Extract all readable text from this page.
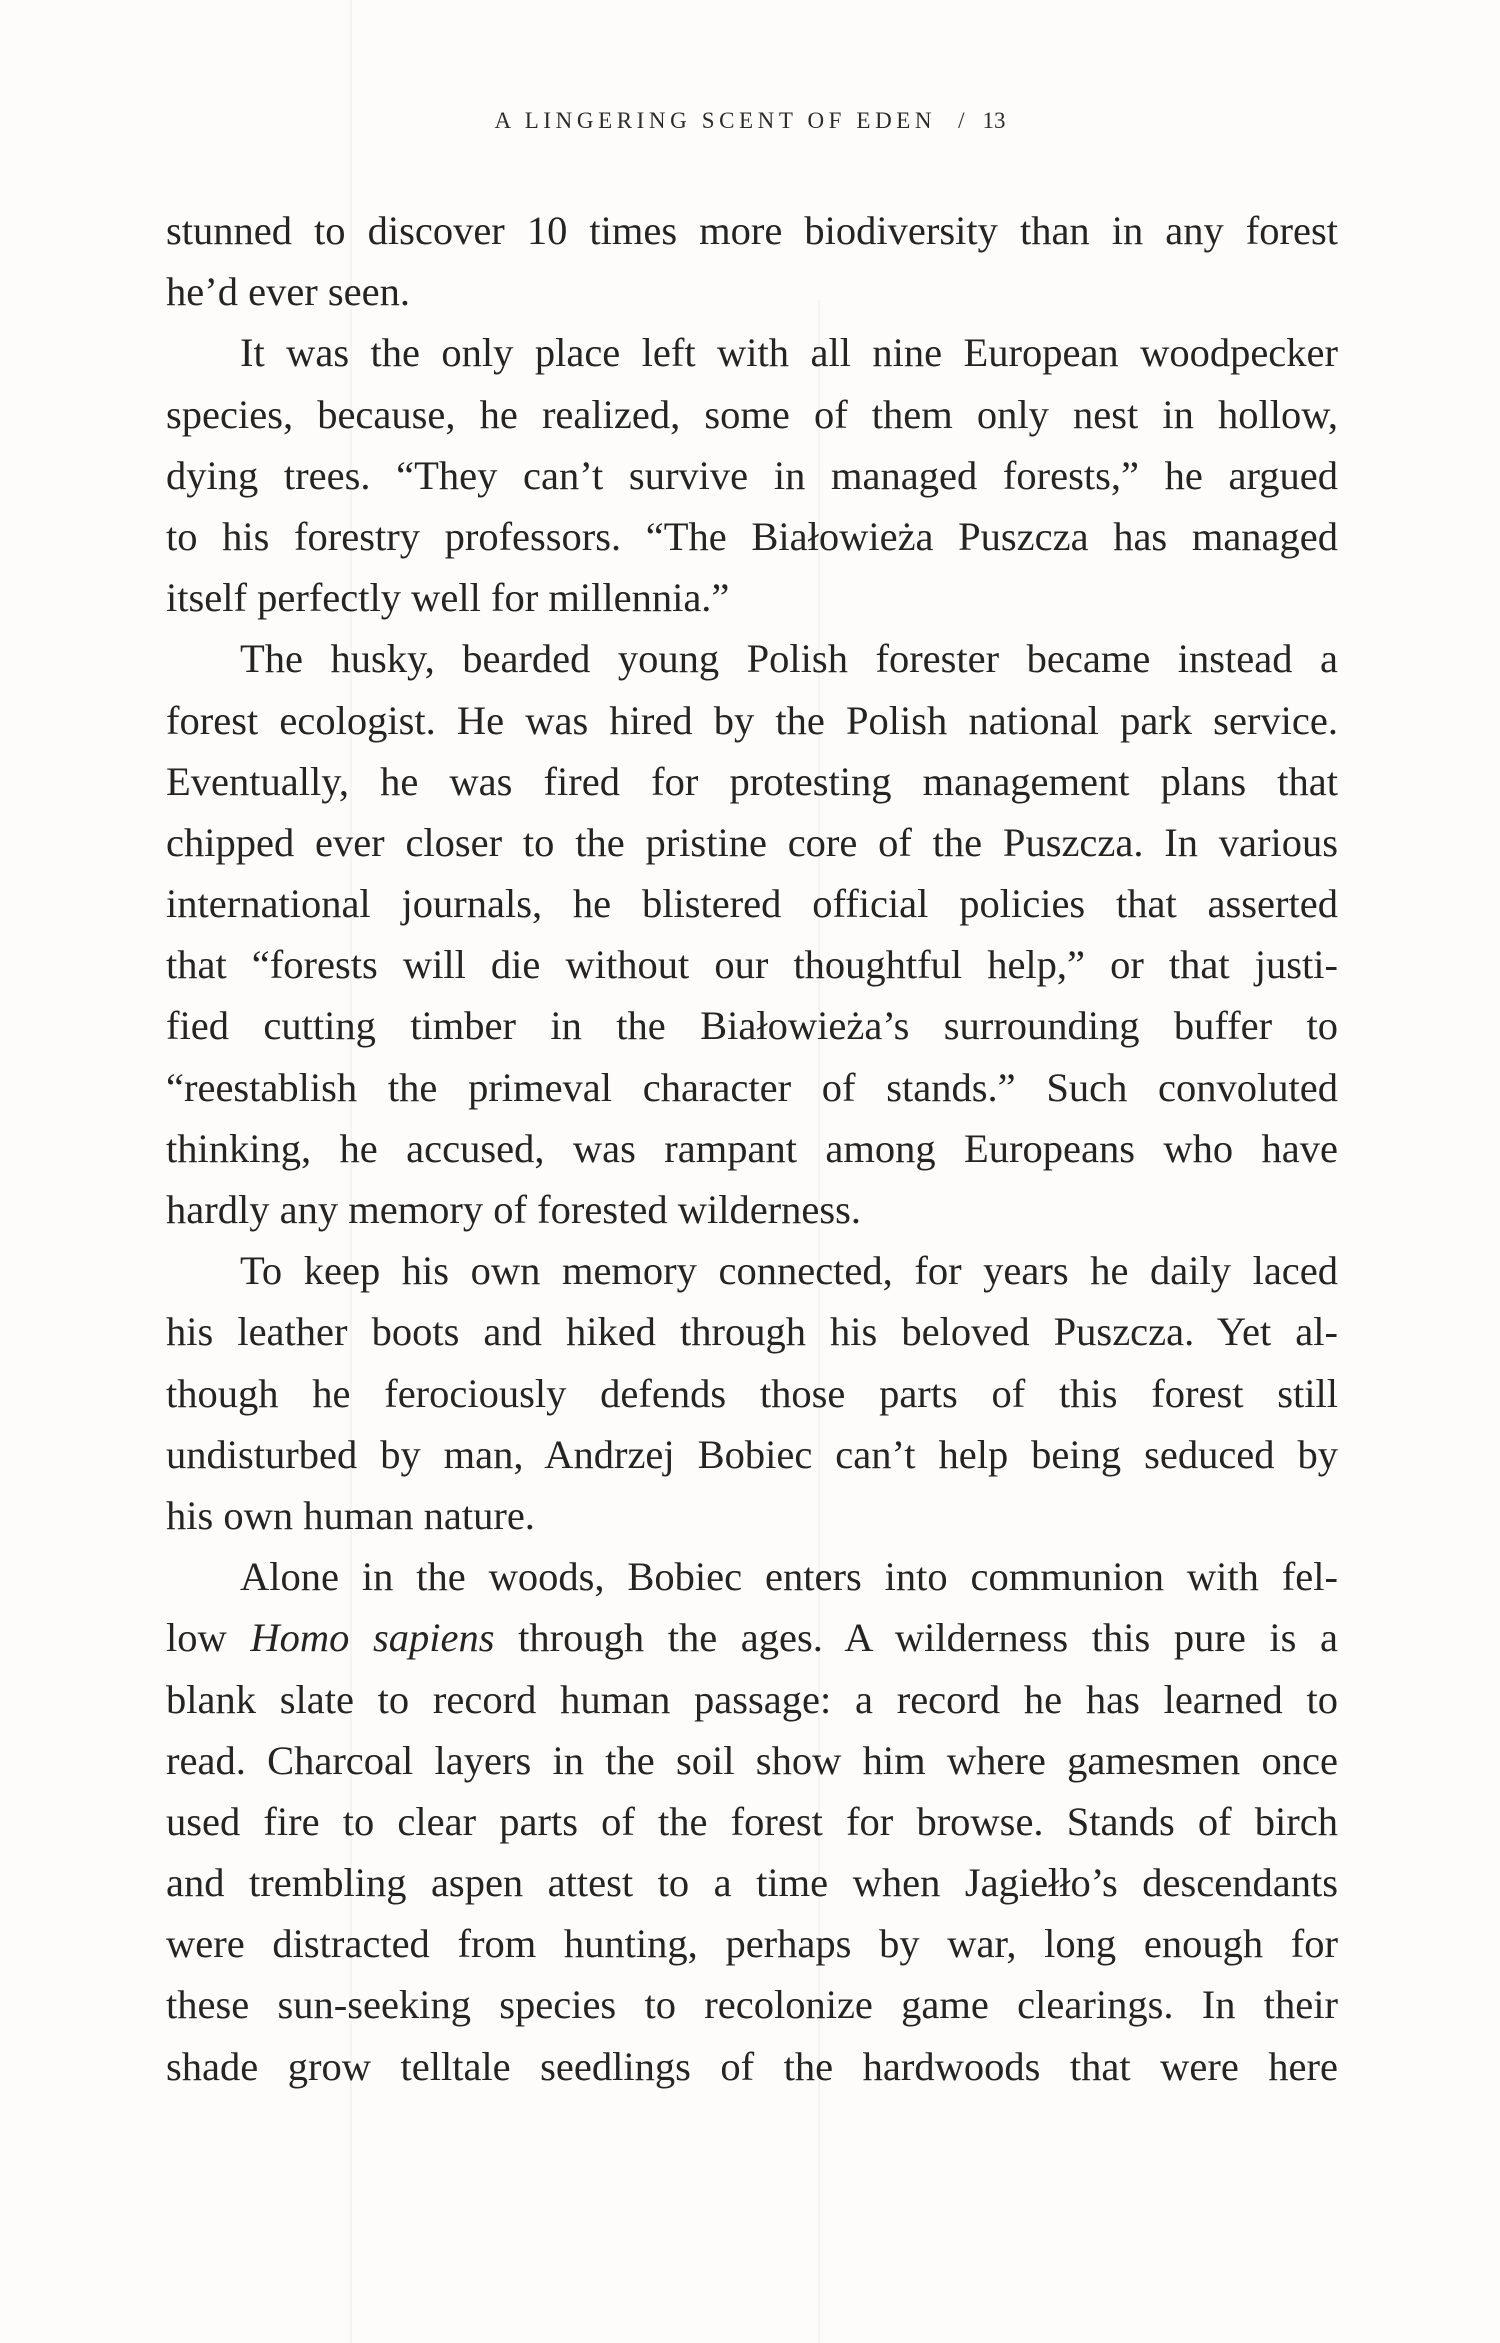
A LINGERING SCENT OF EDEN / 13
stunned to discover 10 times more biodiversity than in any forest
he’d ever seen.
It was the only place left with all nine European woodpecker
species, because, he realized, some of them only nest in hollow,
dying trees. “They can’t survive in managed forests,” he argued
to his forestry professors. “The Białowieża Puszcza has managed
itself perfectly well for millennia.”
The husky, bearded young Polish forester became instead a
forest ecologist. He was hired by the Polish national park service.
Eventually, he was fired for protesting management plans that
chipped ever closer to the pristine core of the Puszcza. In various
international journals, he blistered official policies that asserted
that “forests will die without our thoughtful help,” or that justi-
fied cutting timber in the Białowieża’s surrounding buffer to
“reestablish the primeval character of stands.” Such convoluted
thinking, he accused, was rampant among Europeans who have
hardly any memory of forested wilderness.
To keep his own memory connected, for years he daily laced
his leather boots and hiked through his beloved Puszcza. Yet al-
though he ferociously defends those parts of this forest still
undisturbed by man, Andrzej Bobiec can’t help being seduced by
his own human nature.
Alone in the woods, Bobiec enters into communion with fel-
low Homo sapiens through the ages. A wilderness this pure is a
blank slate to record human passage: a record he has learned to
read. Charcoal layers in the soil show him where gamesmen once
used fire to clear parts of the forest for browse. Stands of birch
and trembling aspen attest to a time when Jagiełło’s descendants
were distracted from hunting, perhaps by war, long enough for
these sun-seeking species to recolonize game clearings. In their
shade grow telltale seedlings of the hardwoods that were here
